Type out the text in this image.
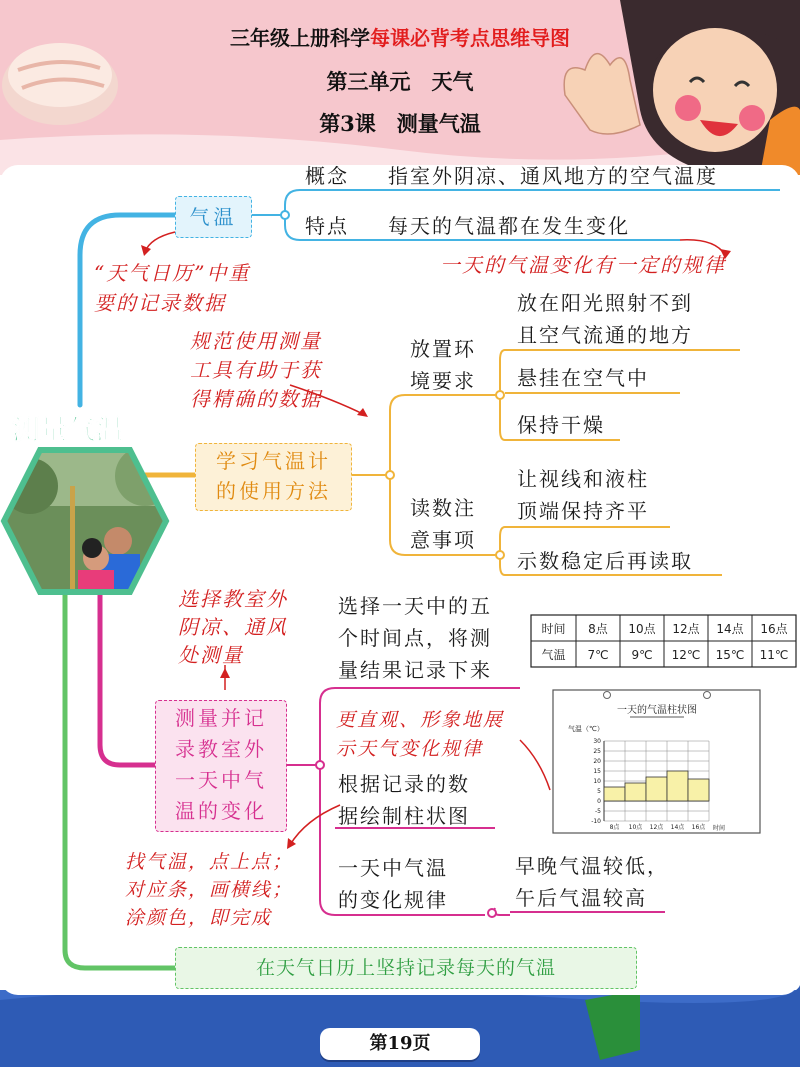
三年级上册科学每课必背考点思维导图
第三单元　天气
第3课　测量气温
测量气温
气温
概念 指室外阴凉、通风地方的空气温度
特点 每天的气温都在发生变化
一天的气温变化有一定的规律
“天气日历”中重
要的记录数据
规范使用测量
工具有助于获
得精确的数据
学习气温计
的使用方法
放置环
境要求
放在阳光照射不到
且空气流通的地方
悬挂在空气中
保持干燥
读数注
意事项
让视线和液柱
顶端保持齐平
示数稳定后再读取
选择教室外
阴凉、通风
处测量
测量并记
录教室外
一天中气
温的变化
选择一天中的五
个时间点，将测
量结果记录下来
更直观、形象地展
示天气变化规律
根据记录的数
据绘制柱状图
一天中气温
的变化规律
早晚气温较低，
午后气温较高
找气温，点上点；
对应条，画横线；
涂颜色，即完成
时间
气温
8点
7℃
10点
9℃
12点
12℃
14点
15℃
16点
11℃
一天的气温柱状图
气温（℃）
30
25
20
15
10
5
0
-5
-10
8点 10点 12点 14点 16点 时间
在天气日历上坚持记录每天的气温
第19页
